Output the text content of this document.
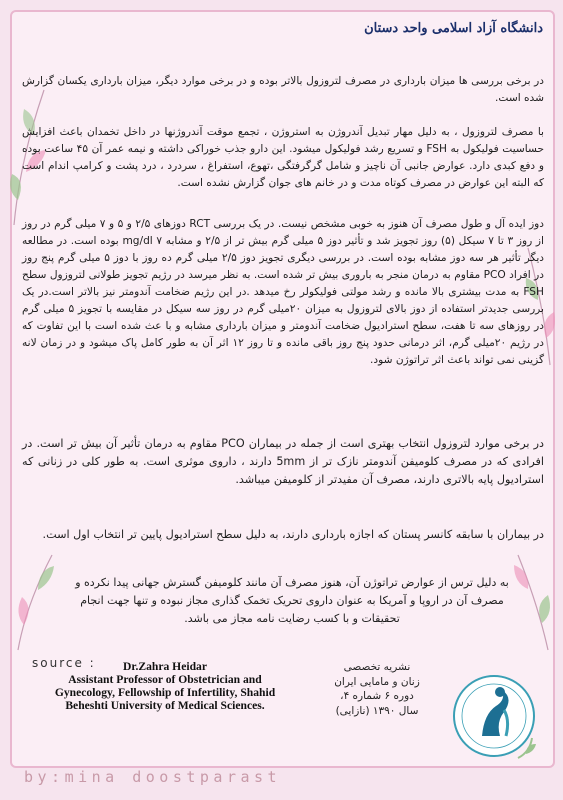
دانشگاه آزاد اسلامی واحد دستان

در برخی بررسی ها میزان باردارى در مصرف لتروزول بالاتر بوده و در برخی موارد دیگر، میزان بارداری یکسان گزارش شده است.

با مصرف لتروزول ، به دلیل مهار تبدیل آندروژن به استروژن ، تجمع موقت آندروژنها در داخل تخمدان باعث افزایش حساسیت فولیکول به FSH و تسریع رشد فولیکول میشود. این دارو جذب خوراکی داشته و نیمه عمر آن ۴۵ ساعت بوده و دفع کبدی دارد. عوارض جانبی آن ناچیز و شامل گرگرفتگی ،تهوع، استفراغ ، سردرد ، درد پشت و کرامپ اندام است که البته این عوارض در مصرف کوتاه مدت و در خانم های جوان گزارش نشده است.

دوز ایده آل و طول مصرف آن هنوز به خوبی مشخص نیست. در یک بررسی RCT دوزهای ۲/۵ و ۵ و ۷ میلی گرم در روز از روز ۳ تا ۷ سیکل (۵) روز تجویز شد و تأثیر دوز ۵ میلی گرم بیش تر از ۲/۵ و مشابه ۷ mg/dl بوده است. در مطالعه دیگر تأثیر هر سه دوز مشابه بوده است. در بررسی دیگری تجویز دوز ۲/۵ میلی گرم ده روز با دوز ۵ میلی گرم پنج روز در افراد PCO مقاوم به درمان منجر به باروری بیش تر شده است. به نظر میرسد در رژیم تجویز طولانی لتروزول سطح FSH به مدت بیشتری بالا مانده و رشد مولتی فولیکولر رخ میدهد .در این رژیم ضخامت آندومتر نیز بالاتر است.در یک بررسی جدیدتر استفاده از دوز بالای لتروزول به میزان ۲۰میلی گرم در روز سه سیکل در مقایسه با تجویز ۵ میلی گرم در روزهای سه تا هفت، سطح استرادیول ضخامت آندومتر و میزان باردارى مشابه و با عث شده است با این تفاوت که در رژیم ۲۰میلی گرم، اثر درمانی حدود پنج روز باقی مانده و تا روز ۱۲ اثر آن به طور کامل پاک میشود و در زمان لانه گزینی نمی تواند باعث اثر تراتوژن شود.

در برخی موارد لتروزول انتخاب بهتری است از جمله در بیماران PCO مقاوم به درمان تأثیر آن بیش تر است. در افرادی که در مصرف کلومیفن آندومتر نازک تر از 5mm دارند ، داروی موثری است. به طور کلی در زنانی که استرادیول پایه بالاتری دارند، مصرف آن مفیدتر از کلومیفن میباشد.

در بیماران با سابقه کانسر پستان که اجازه بارداری دارند، به دلیل سطح استرادیول پایین تر انتخاب اول است.

به دلیل ترس از عوارض تراتوژن آن، هنوز مصرف آن مانند کلومیفن گسترش جهانی پیدا نکرده و مصرف آن در اروپا و آمریکا به عنوان داروی تحریک تخمک گذاری مجاز نبوده و تنها جهت انجام تحقیقات و با کسب رضایت نامه مجاز می باشد.

source :	Dr.Zahra Heidar
Assistant Professor of Obstetrician and
Gynecology, Fellowship of Infertility, Shahid
Beheshti University of Medical Sciences.
نشریه تخصصی
زنان و مامایی ایران
دوره ۶ شماره ۴،
سال ۱۳۹۰ (نازایی)
by:mina doostparast
